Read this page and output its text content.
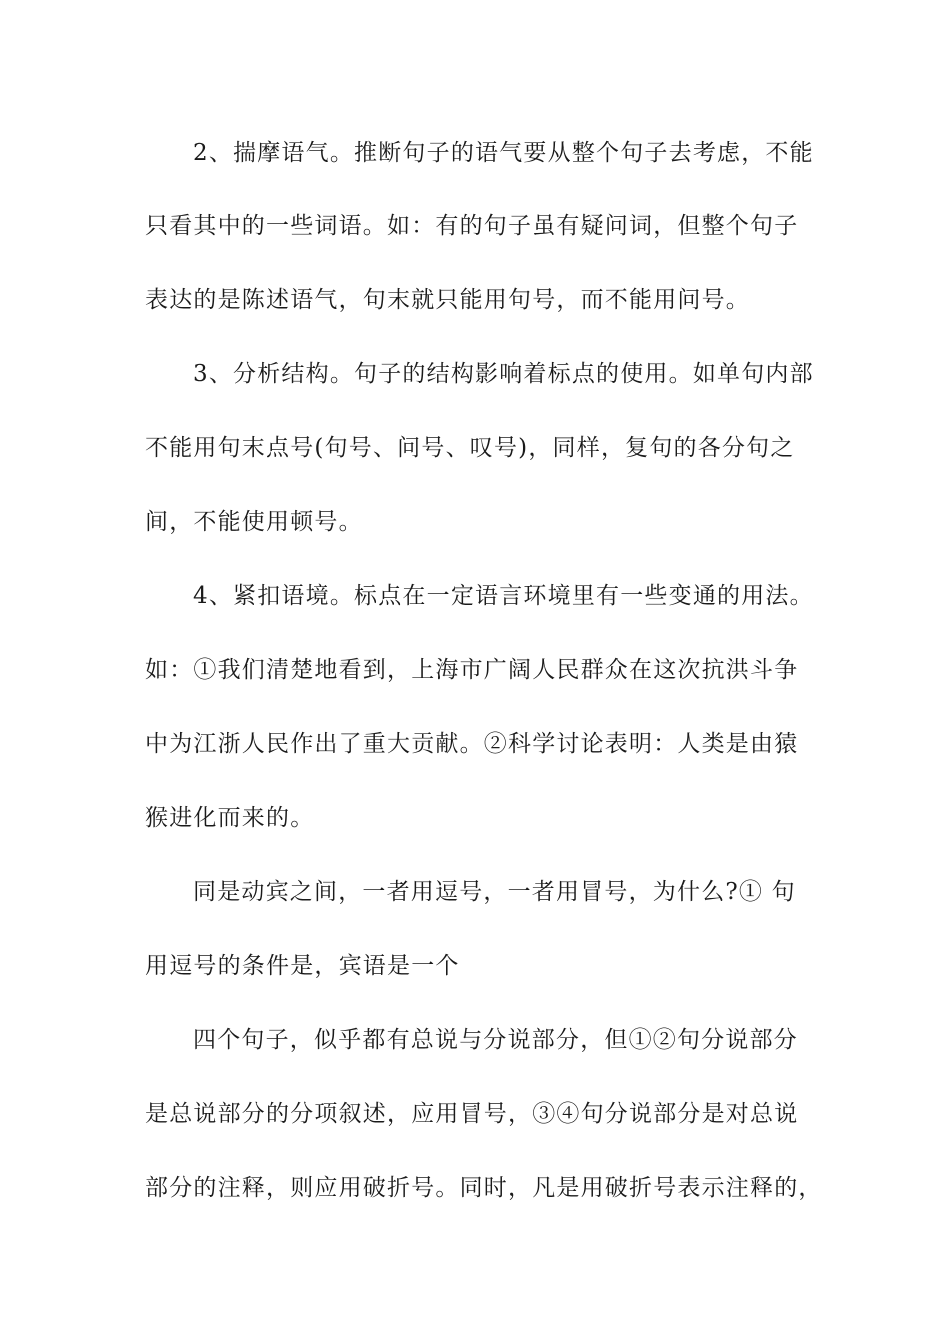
2、揣摩语气。推断句子的语气要从整个句子去考虑，不能
只看其中的一些词语。如：有的句子虽有疑问词，但整个句子
表达的是陈述语气，句末就只能用句号，而不能用问号。
3、分析结构。句子的结构影响着标点的使用。如单句内部
不能用句末点号(句号、问号、叹号)，同样，复句的各分句之
间，不能使用顿号。
4、紧扣语境。标点在一定语言环境里有一些变通的用法。
如：①我们清楚地看到，上海市广阔人民群众在这次抗洪斗争
中为江浙人民作出了重大贡献。②科学讨论表明：人类是由猿
猴进化而来的。
同是动宾之间，一者用逗号，一者用冒号，为什么?① 句
用逗号的条件是，宾语是一个
四个句子，似乎都有总说与分说部分，但①②句分说部分
是总说部分的分项叙述，应用冒号，③④句分说部分是对总说
部分的注释，则应用破折号。同时，凡是用破折号表示注释的，
